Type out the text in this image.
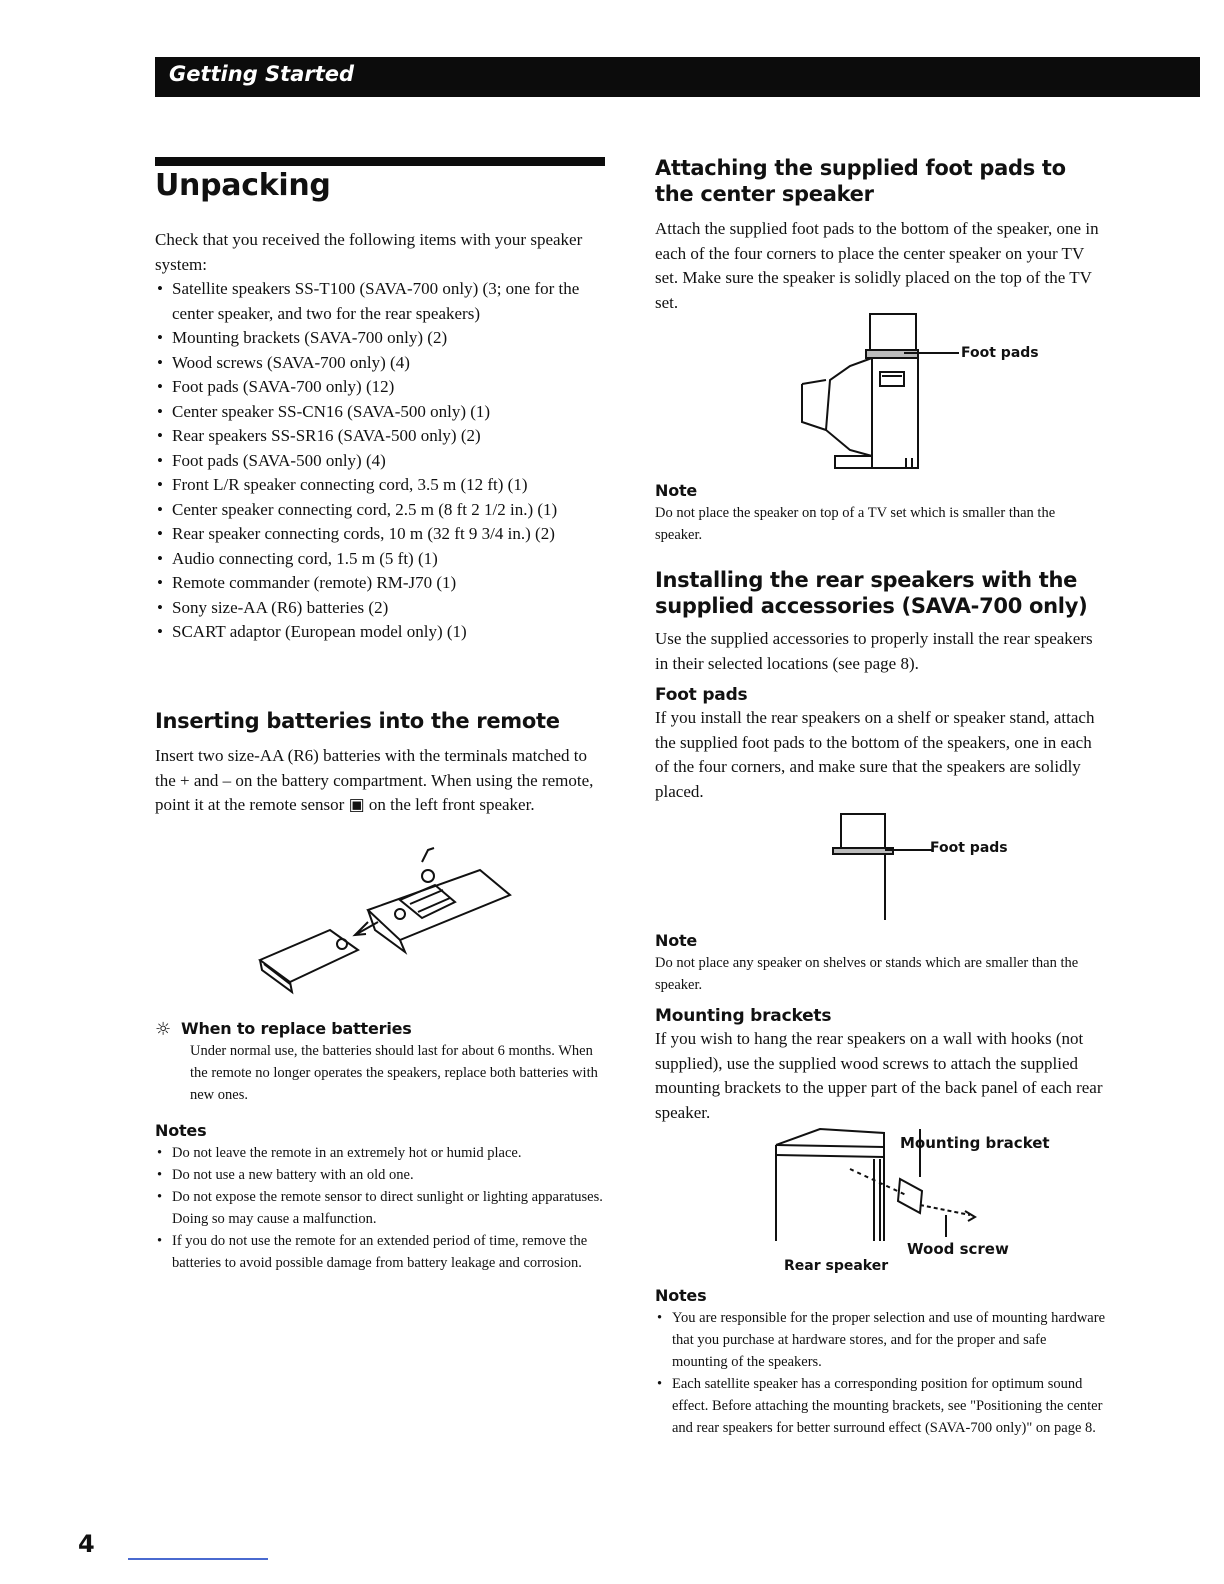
Getting Started
Unpacking

Check that you received the following items with your speaker system:

• Satellite speakers SS-T100 (SAVA-700 only) (3; one for the center speaker, and two for the rear speakers)
• Mounting brackets (SAVA-700 only) (2)
• Wood screws (SAVA-700 only) (4)
• Foot pads (SAVA-700 only) (12)
• Center speaker SS-CN16 (SAVA-500 only) (1)
• Rear speakers SS-SR16 (SAVA-500 only) (2)
• Foot pads (SAVA-500 only) (4)
• Front L/R speaker connecting cord, 3.5 m (12 ft) (1)
• Center speaker connecting cord, 2.5 m (8 ft 2 1/2 in.) (1)
• Rear speaker connecting cords, 10 m (32 ft 9 3/4 in.) (2)
• Audio connecting cord, 1.5 m (5 ft) (1)
• Remote commander (remote) RM-J70 (1)
• Sony size-AA (R6) batteries (2)
• SCART adaptor (European model only) (1)
Inserting batteries into the remote

Insert two size-AA (R6) batteries with the terminals matched to the + and – on the battery compartment. When using the remote, point it at the remote sensor ▣ on the left front speaker.

☼ When to replace batteries

Under normal use, the batteries should last for about 6 months. When the remote no longer operates the speakers, replace both batteries with new ones.

Notes
• Do not leave the remote in an extremely hot or humid place.
• Do not use a new battery with an old one.
• Do not expose the remote sensor to direct sunlight or lighting apparatuses. Doing so may cause a malfunction.
• If you do not use the remote for an extended period of time, remove the batteries to avoid possible damage from battery leakage and corrosion.
Attaching the supplied foot pads to the center speaker

Attach the supplied foot pads to the bottom of the speaker, one in each of the four corners to place the center speaker on your TV set. Make sure the speaker is solidly placed on the top of the TV set.

Foot pads
Note

Do not place the speaker on top of a TV set which is smaller than the speaker.

Installing the rear speakers with the supplied accessories (SAVA-700 only)

Use the supplied accessories to properly install the rear speakers in their selected locations (see page 8).

Foot pads

If you install the rear speakers on a shelf or speaker stand, attach the supplied foot pads to the bottom of the speakers, one in each of the four corners, and make sure that the speakers are solidly placed.

Foot pads
Note

Do not place any speaker on shelves or stands which are smaller than the speaker.

Mounting brackets

If you wish to hang the rear speakers on a wall with hooks (not supplied), use the supplied wood screws to attach the supplied mounting brackets to the upper part of the back panel of each rear speaker.

Mounting bracket
Wood screw
Rear speaker
Notes
• You are responsible for the proper selection and use of mounting hardware that you purchase at hardware stores, and for the proper and safe mounting of the speakers.
• Each satellite speaker has a corresponding position for optimum sound effect. Before attaching the mounting brackets, see "Positioning the center and rear speakers for better surround effect (SAVA-700 only)" on page 8.
4
